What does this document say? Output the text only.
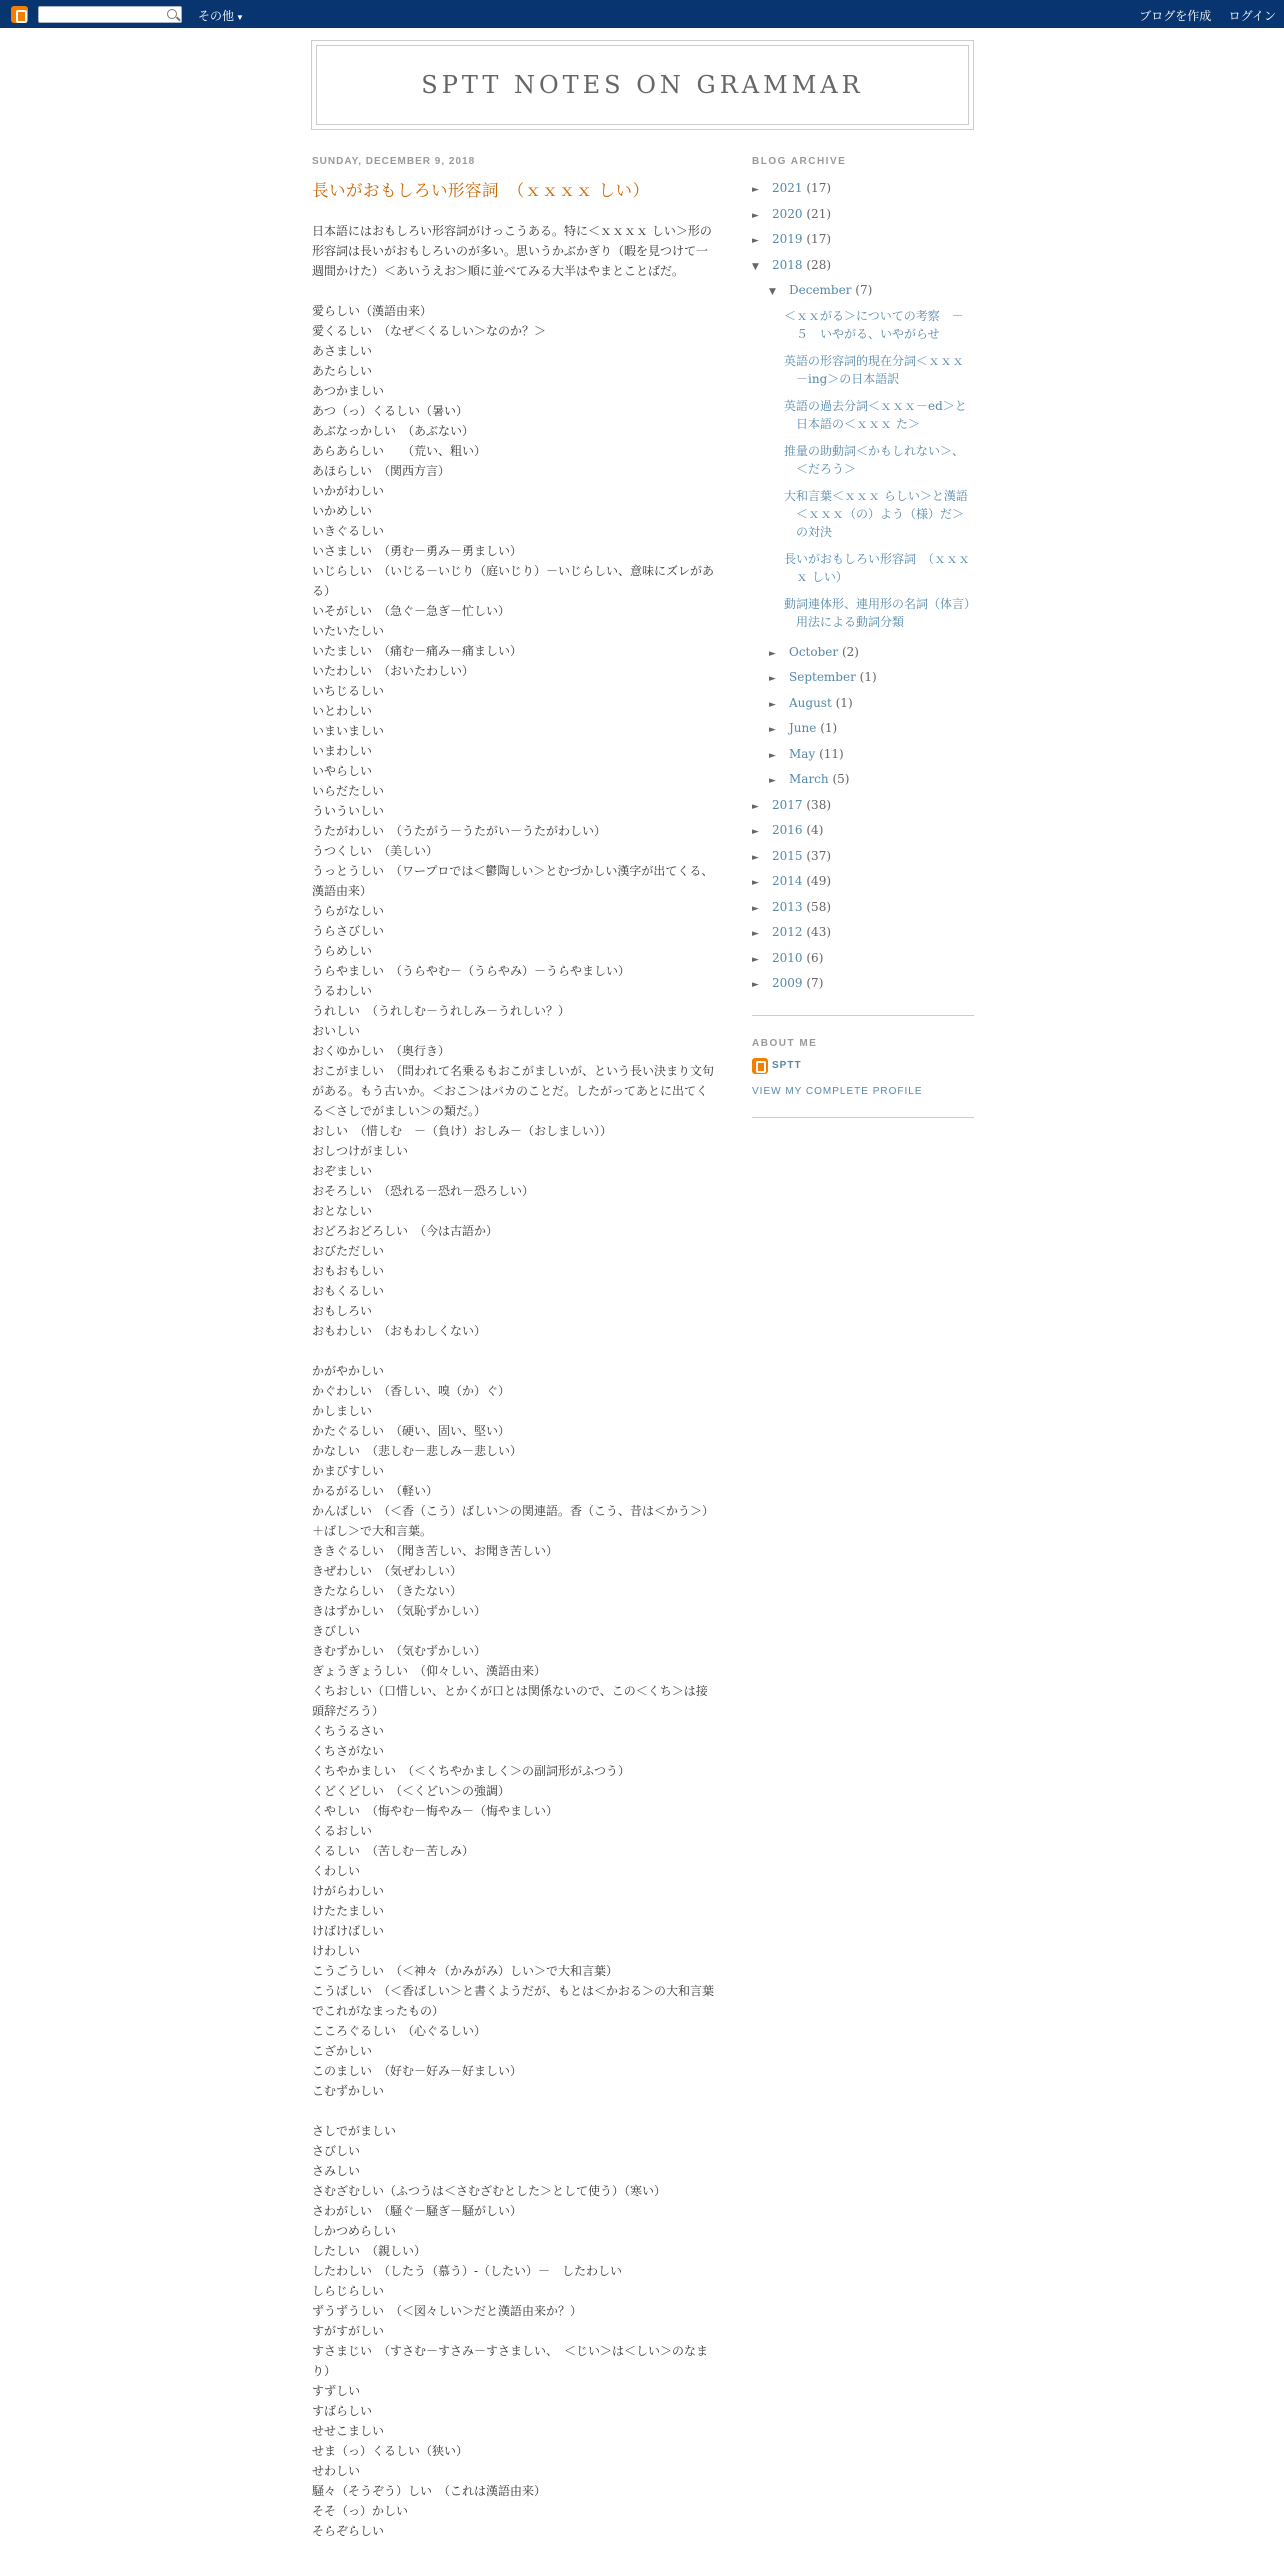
その他 ▼	ブログを作成 ログイン
SPTT NOTES ON GRAMMAR
SUNDAY, DECEMBER 9, 2018
長いがおもしろい形容詞　（ｘｘｘｘ しい）

日本語にはおもしろい形容詞がけっこうある。特に＜ｘｘｘｘ しい＞形の形容詞は長いがおもしろいのが多い。思いうかぶかぎり（暇を見つけて一週間かけた）＜あいうえお＞順に並べてみる大半はやまとことばだ。

愛らしい（漢語由来）

愛くるしい　（なぜ＜くるしい＞なのか？＞

あさましい

あたらしい

あつかましい

あつ（っ）くるしい（暑い）

あぶなっかしい　（あぶない）

あらあらしい　　（荒い、粗い）

あほらしい　（関西方言）

いかがわしい

いかめしい

いきぐるしい

いさましい　（勇む－勇み－勇ましい）

いじらしい　（いじる－いじり（庭いじり）－いじらしい、意味にズレがある）

いそがしい　（急ぐ－急ぎ－忙しい）

いたいたしい

いたましい　（痛む－痛み－痛ましい）

いたわしい　（おいたわしい）

いちじるしい

いとわしい

いまいましい

いまわしい

いやらしい

いらだたしい

ういういしい

うたがわしい　（うたがう－うたがい－うたがわしい）

うつくしい　（美しい）

うっとうしい　（ワープロでは＜鬱陶しい＞とむづかしい漢字が出てくる、漢語由来）

うらがなしい

うらさびしい

うらめしい

うらやましい　（うらやむ－（うらやみ）－うらやましい）

うるわしい

うれしい　（うれしむ－うれしみ－うれしい？）

おいしい

おくゆかしい　（奥行き）

おこがましい　（問われて名乗るもおこがましいが、という長い決まり文句がある。もう古いか。＜おこ＞はバカのことだ。したがってあとに出てくる＜さしでがましい＞の類だ。）

おしい　（惜しむ　－（負け）おしみ－（おしましい））

おしつけがましい

おぞましい

おそろしい　（恐れる－恐れ－恐ろしい）

おとなしい

おどろおどろしい　（今は古語か）

おびただしい

おもおもしい

おもくるしい

おもしろい

おもわしい　（おもわしくない）

かがやかしい

かぐわしい　（香しい、嗅（か）ぐ）

かしましい

かたぐるしい　（硬い、固い、堅い）

かなしい　（悲しむ－悲しみ－悲しい）

かまびすしい

かるがるしい　（軽い）

かんばしい　（＜香（こう）ばしい＞の関連語。香（こう、昔は＜かう＞）＋ばし＞で大和言葉。

ききぐるしい　（聞き苦しい、お聞き苦しい）

きぜわしい　（気ぜわしい）

きたならしい　（きたない）

きはずかしい　（気恥ずかしい）

きびしい

きむずかしい　（気むずかしい）

ぎょうぎょうしい　（仰々しい、漢語由来）

くちおしい（口惜しい、とかくが口とは関係ないので、この＜くち＞は接頭辞だろう）

くちうるさい

くちさがない

くちやかましい　（＜くちやかましく＞の副詞形がふつう）

くどくどしい　（＜くどい＞の強調）

くやしい　（悔やむ－悔やみ－（悔やましい）

くるおしい

くるしい　（苦しむ－苦しみ）

くわしい

けがらわしい

けたたましい

けばけばしい

けわしい

こうごうしい　（＜神々（かみがみ）しい＞で大和言葉）

こうばしい　（＜香ばしい＞と書くようだが、もとは＜かおる＞の大和言葉でこれがなまったもの）

こころぐるしい　（心ぐるしい）

こざかしい

このましい　（好む－好み－好ましい）

こむずかしい

さしでがましい

さびしい

さみしい

さむざむしい（ふつうは＜さむざむとした＞として使う）（寒い）

さわがしい　（騒ぐ－騒ぎ－騒がしい）

しかつめらしい

したしい　（親しい）

したわしい　（したう（慕う）-（したい）－　したわしい

しらじらしい

ずうずうしい　（＜図々しい＞だと漢語由来か？）

すがすがしい

すさまじい　（すさむ－すさみ－すさましい、　＜じい＞は＜しい＞のなまり）

すずしい

すばらしい

せせこましい

せま（っ）くるしい（狭い）

せわしい

騒々（そうぞう）しい　（これは漢語由来）

そそ（っ）かしい

そらぞらしい

BLOG ARCHIVE
► 2021 (17)
► 2020 (21)
► 2019 (17)
▼ 2018 (28)
▼ December (7)
＜ｘｘがる＞についての考察　－５　いやがる、いやがらせ
英語の形容詞的現在分詞＜ｘｘｘ－ing＞の日本語訳
英語の過去分詞＜ｘｘｘ－ed＞と日本語の＜ｘｘｘ た＞
推量の助動詞＜かもしれない＞、＜だろう＞
大和言葉＜ｘｘｘ らしい＞と漢語＜ｘｘｘ（の）よう（様）だ＞の対決
長いがおもしろい形容詞　（ｘｘｘｘ しい）
動詞連体形、連用形の名詞（体言）用法による動詞分類
► October (2)
► September (1)
► August (1)
► June (1)
► May (11)
► March (5)
► 2017 (38)
► 2016 (4)
► 2015 (37)
► 2014 (49)
► 2013 (58)
► 2012 (43)
► 2010 (6)
► 2009 (7)
ABOUT ME
SPTT
VIEW MY COMPLETE PROFILE
